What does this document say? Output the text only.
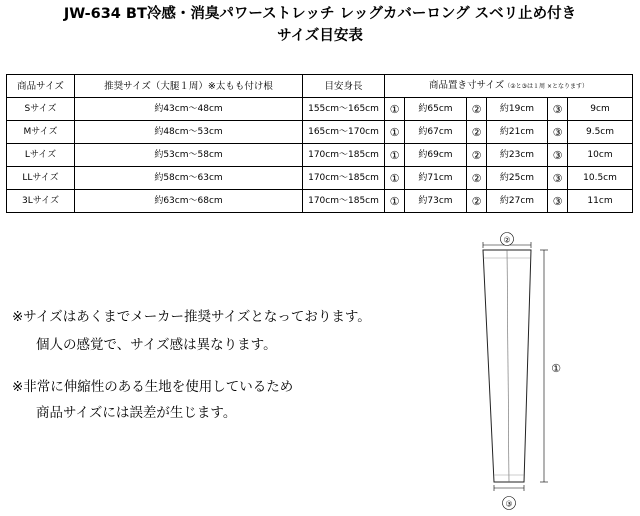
JW-634 BT冷感・消臭パワーストレッチ レッグカバーロング スベリ止め付き
サイズ目安表
商品サイズ	推奨サイズ（大腿１周）※太もも付け根	目安身長	商品置き寸サイズ（②と③は１周 ×となります）					
Sサイズ	約43cm～48cm	155cm～165cm	①	約65cm	②	約19cm	③	9cm
Mサイズ	約48cm～53cm	165cm～170cm	①	約67cm	②	約21cm	③	9.5cm
Lサイズ	約53cm～58cm	170cm～185cm	①	約69cm	②	約23cm	③	10cm
LLサイズ	約58cm～63cm	170cm～185cm	①	約71cm	②	約25cm	③	10.5cm
3Lサイズ	約63cm～68cm	170cm～185cm	①	約73cm	②	約27cm	③	11cm
※サイズはあくまでメーカー推奨サイズとなっております。
個人の感覚で、サイズ感は異なります。
※非常に伸縮性のある生地を使用しているため
商品サイズには誤差が生じます。
②
①
③
